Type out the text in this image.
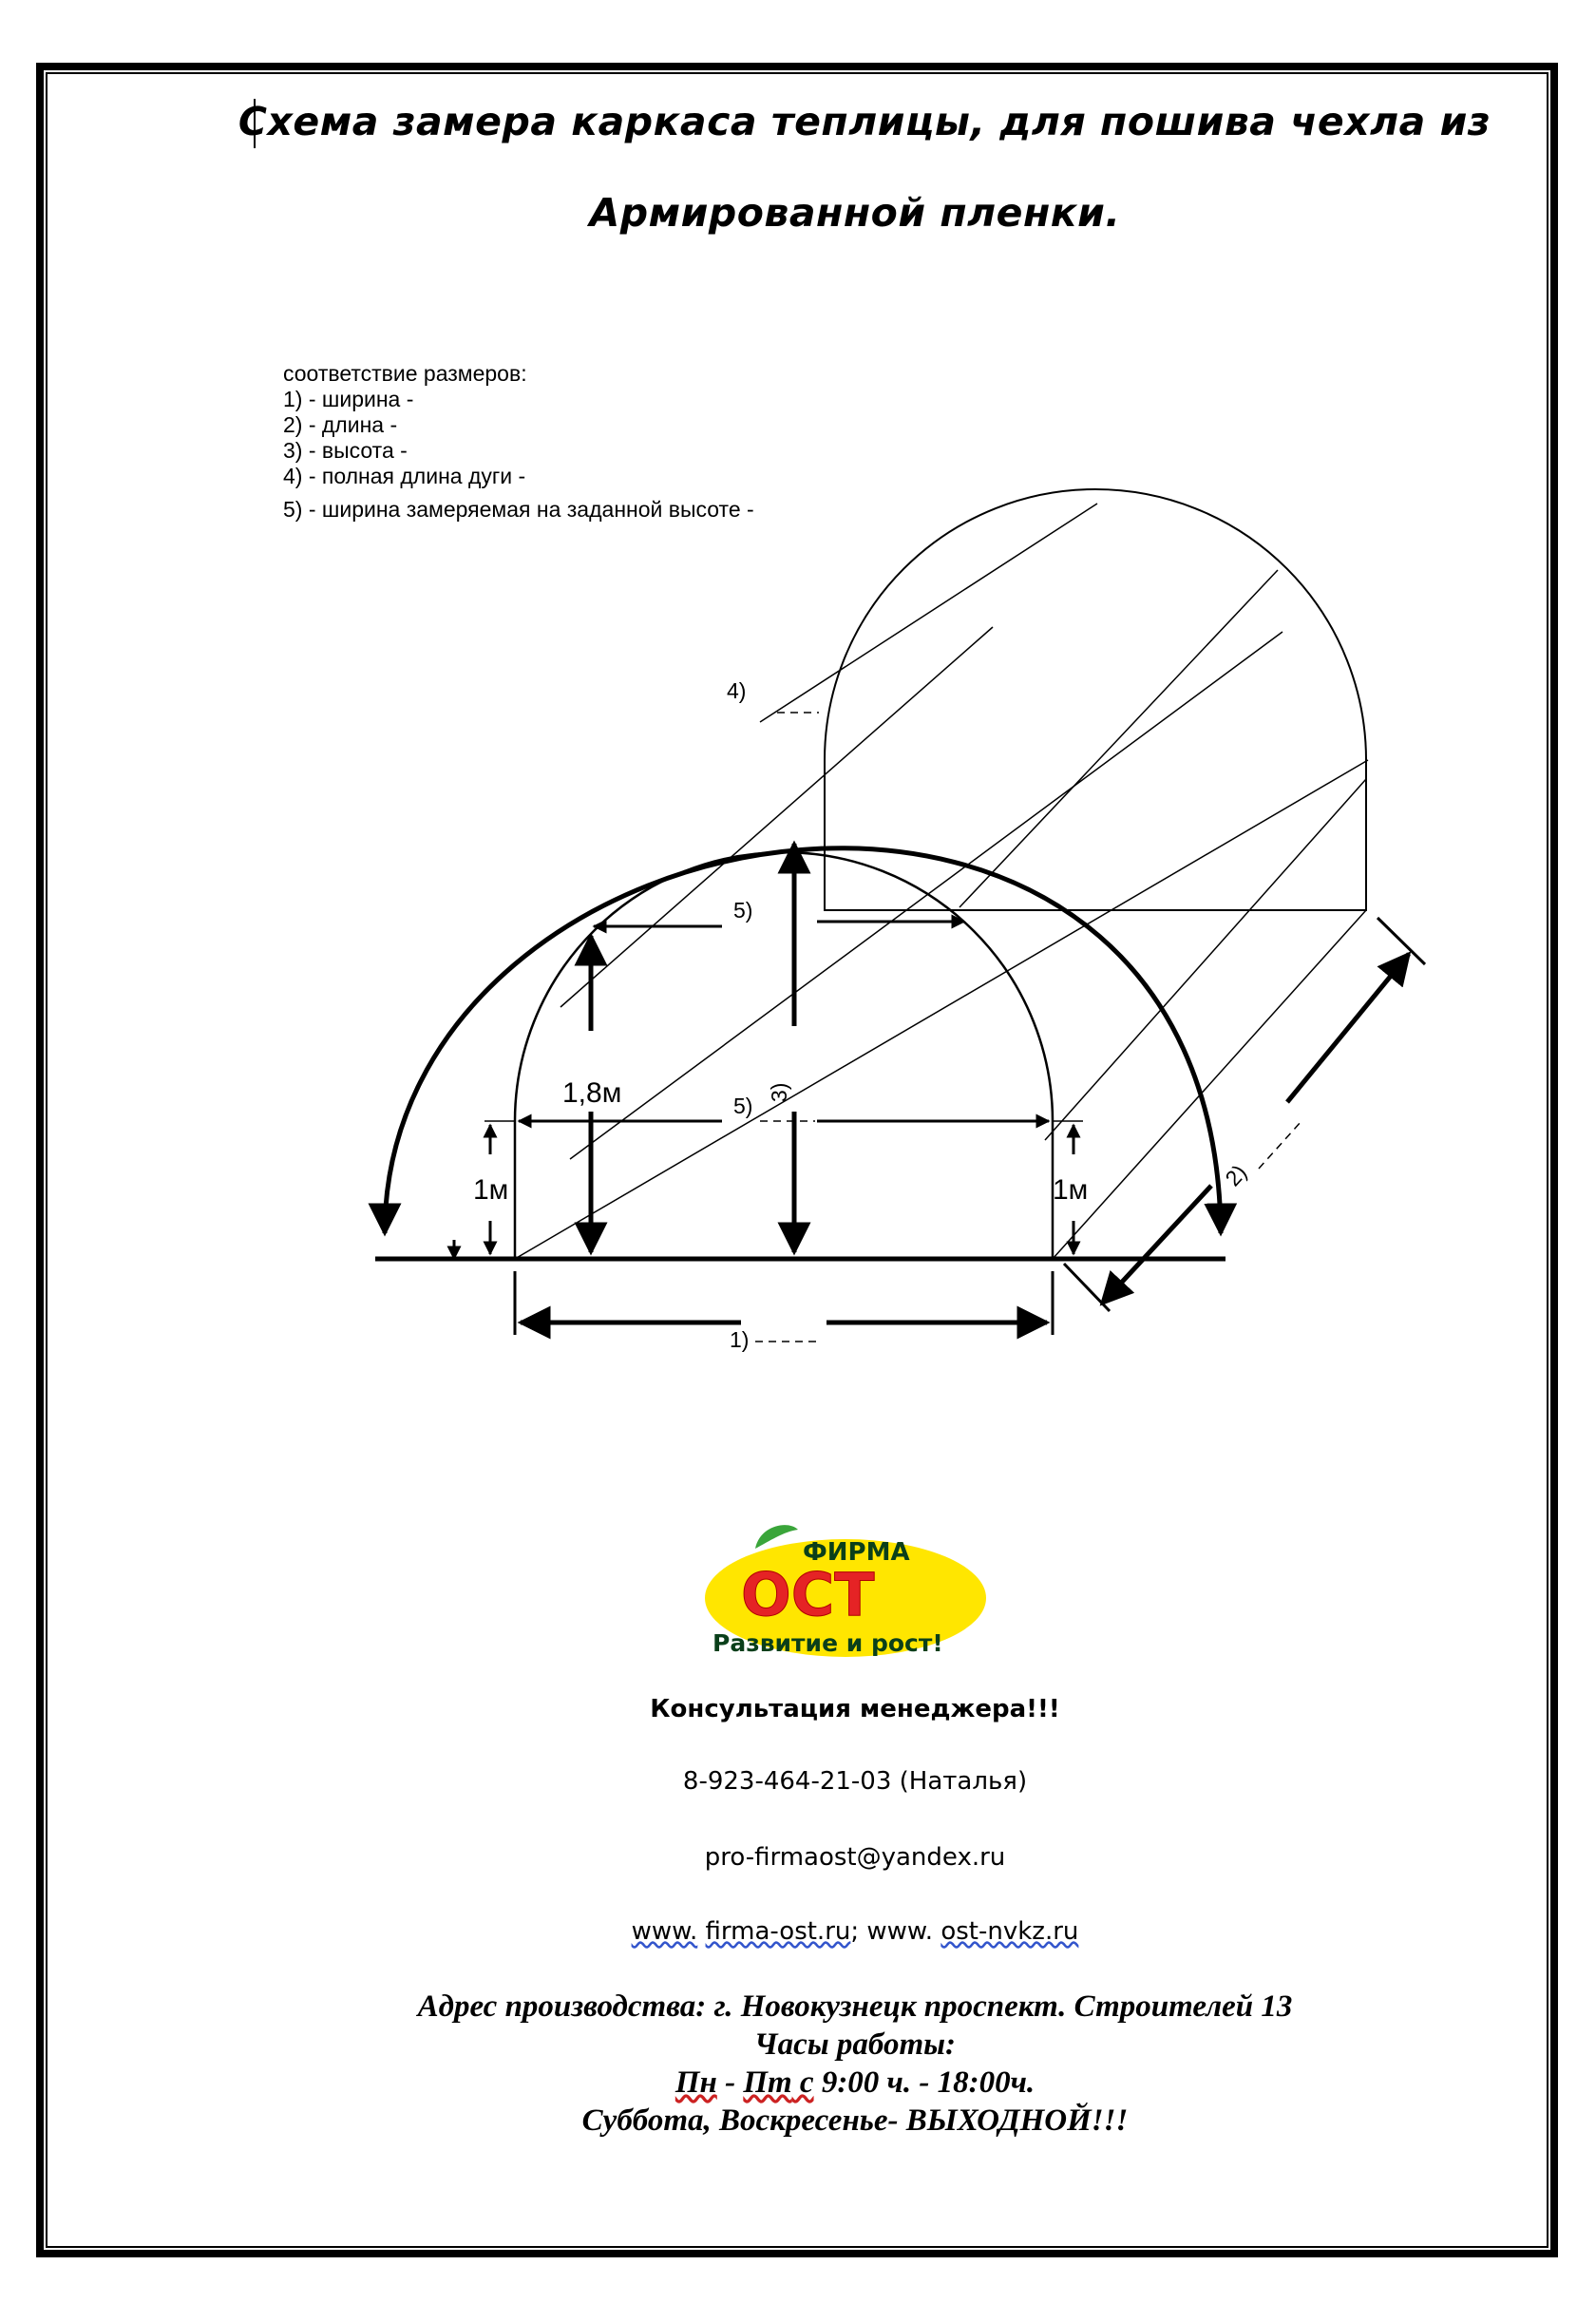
Схема замера каркаса теплицы, для пошива чехла из
Армированной пленки.
соответствие размеров:
1) - ширина -
2) - длина -
3) - высота -
4) - полная длина дуги -
5) - ширина замеряемая на заданной высоте -
4)
3)
1,8м
5)
5)
1м	1м
1)
2)
ФИРМА
ОСТ
Развитие и рост!
Консультация менеджера!!!
8-923-464-21-03 (Наталья)
pro-firmaost@yandex.ru
www. firma-ost.ru; www. ost-nvkz.ru
Адрес производства: г. Новокузнецк проспект. Строителей 13
Часы работы:
Пн - Пт с 9:00 ч. - 18:00ч.
Суббота, Воскресенье- ВЫХОДНОЙ!!!
